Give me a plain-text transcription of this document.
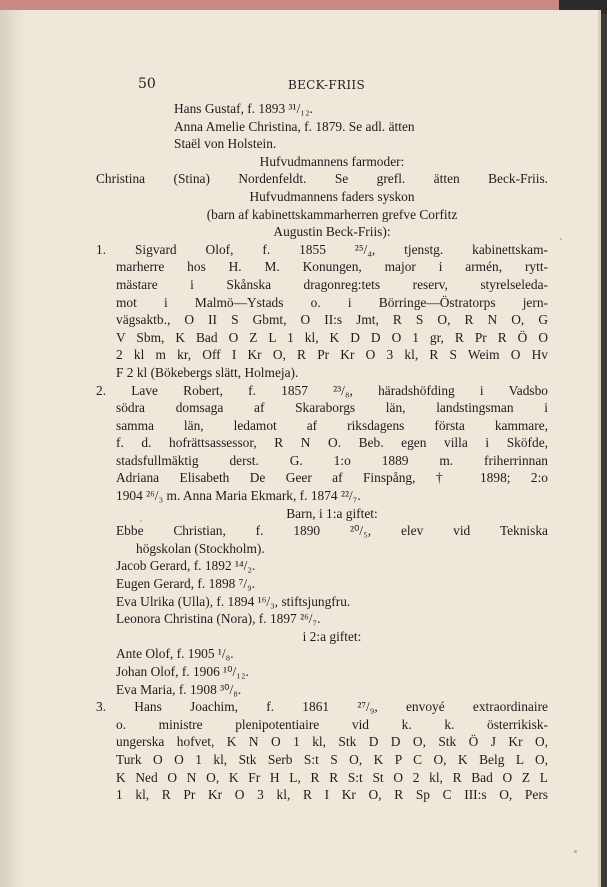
50	BECK-FRIIS
Hans Gustaf, f. 1893 ³¹/₁₂.
Anna Amelie Christina, f. 1879. Se adl. ätten
Staël von Holstein.
Hufvudmannens farmoder:
Christina (Stina) Nordenfeldt. Se grefl. ätten Beck-Friis.
Hufvudmannens faders syskon
(barn af kabinettskammarherren grefve Corfitz
Augustin Beck-Friis):
1. Sigvard Olof, f. 1855 ²⁵/₄, tjenstg. kabinettskam-
marherre hos H. M. Konungen, major i armén, rytt-
mästare i Skånska dragonreg:tets reserv, styrelseleda-
mot i Malmö—Ystads o. i Börringe—Östratorps jern-
vägsaktb., O II S Gbmt, O II:s Jmt, R S O, R N O, G
V Sbm, K Bad O Z L 1 kl, K D D O 1 gr, R Pr R Ö O
2 kl m kr, Off I Kr O, R Pr Kr O 3 kl, R S Weim O Hv
F 2 kl (Bökebergs slätt, Holmeja).
2. Lave Robert, f. 1857 ²³/₈, häradshöfding i Vadsbo
södra domsaga af Skaraborgs län, landstingsman i
samma län, ledamot af riksdagens första kammare,
f. d. hofrättsassessor, R N O. Beb. egen villa i Sköfde,
stadsfullmäktig derst. G. 1:o 1889 m. friherrinnan
Adriana Elisabeth De Geer af Finspång, † 1898; 2:o
1904 ²⁶/₃ m. Anna Maria Ekmark, f. 1874 ²²/₇.
Barn, i 1:a giftet:
Ebbe Christian, f. 1890 ²⁰/₅, elev vid Tekniska
högskolan (Stockholm).
Jacob Gerard, f. 1892 ¹⁴/₂.
Eugen Gerard, f. 1898 ⁷/₉.
Eva Ulrika (Ulla), f. 1894 ¹⁶/₃, stiftsjungfru.
Leonora Christina (Nora), f. 1897 ²⁶/₇.
i 2:a giftet:
Ante Olof, f. 1905 ¹/₈.
Johan Olof, f. 1906 ¹⁰/₁₂.
Eva Maria, f. 1908 ³⁰/₈.
3. Hans Joachim, f. 1861 ²⁷/₉, envoyé extraordinaire
o. ministre plenipotentiaire vid k. k. österrikisk-
ungerska hofvet, K N O 1 kl, Stk D D O, Stk Ö J Kr O,
Turk O O 1 kl, Stk Serb S:t S O, K P C O, K Belg L O,
K Ned O N O, K Fr H L, R R S:t St O 2 kl, R Bad O Z L
1 kl, R Pr Kr O 3 kl, R I Kr O, R Sp C III:s O, Pers
